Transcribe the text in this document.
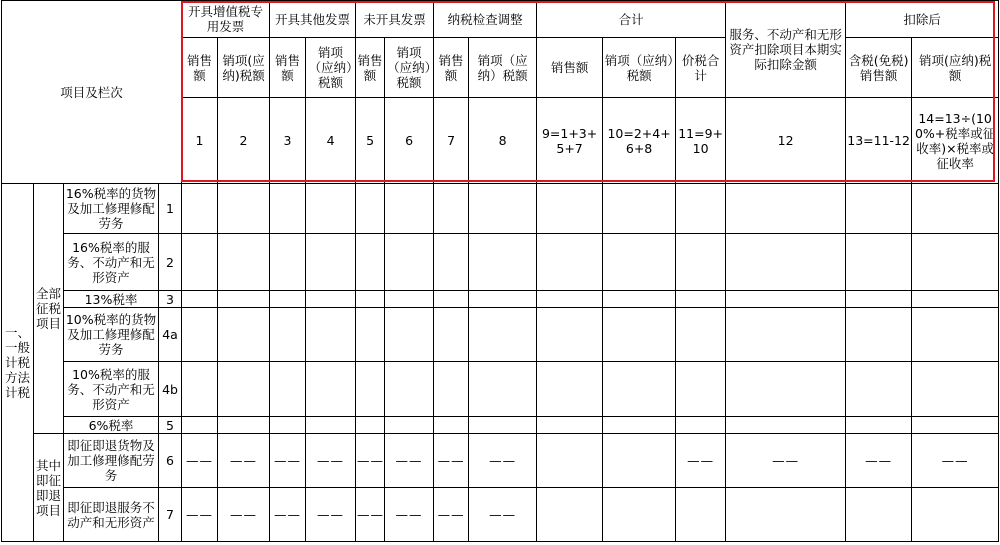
项目及栏次				开具增值税专用发票		开具其他发票		未开具发票		纳税检查调整		合计			服务、不动产和无形资产扣除项目本期实际扣除金额	扣除后	
				销售额	销项(应纳)税额	销售额	销项（应纳）税额	销售额	销项（应纳）税额	销售额	销项（应纳）税额	销售额	销项（应纳）税额	价税合计		含税(免税)销售额	销项(应纳)税额
				1	2	3	4	5	6	7	8	9=1+3+5+7	10=2+4+6+8	11=9+10	12	13=11-12	14=13÷(100%+税率或征收率)×税率或征收率
一、一般计税方法计税	全部征税项目	16%税率的货物及加工修理修配劳务	1														
		16%税率的服务、不动产和无形资产	2														
		13%税率	3														
		10%税率的货物及加工修理修配劳务	4a														
		10%税率的服务、不动产和无形资产	4b														
		6%税率	5														
	其中即征即退项目	即征即退货物及加工修理修配劳务	6	——	——	——	——	——	——	——	——			——	——	——	——
		即征即退服务不动产和无形资产	7	——	——	——	——	——	——	——	——						
